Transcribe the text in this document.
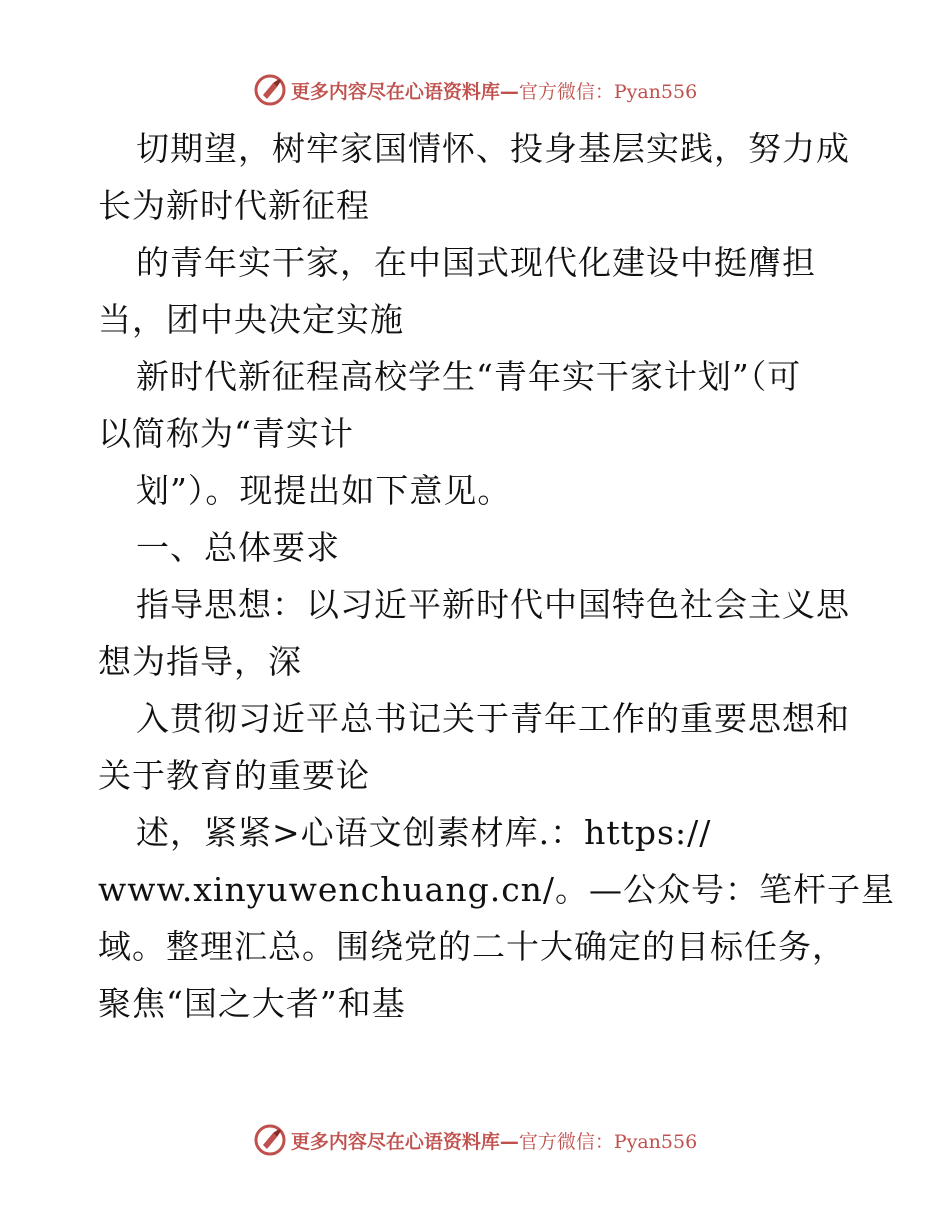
更多内容尽在心语资料库—官方微信：Pyan556
切期望，树牢家国情怀、投身基层实践，努力成
长为新时代新征程
的青年实干家，在中国式现代化建设中挺膺担
当，团中央决定实施
新时代新征程高校学生“青年实干家计划”（可
以简称为“青实计
划”）。现提出如下意见。
一、总体要求
指导思想：以习近平新时代中国特色社会主义思
想为指导，深
入贯彻习近平总书记关于青年工作的重要思想和
关于教育的重要论
述，紧紧>心语文创素材库.：https://
www.xinyuwenchuang.cn/。—公众号：笔杆子星
域。整理汇总。围绕党的二十大确定的目标任务，
聚焦“国之大者”和基
更多内容尽在心语资料库—官方微信：Pyan556
